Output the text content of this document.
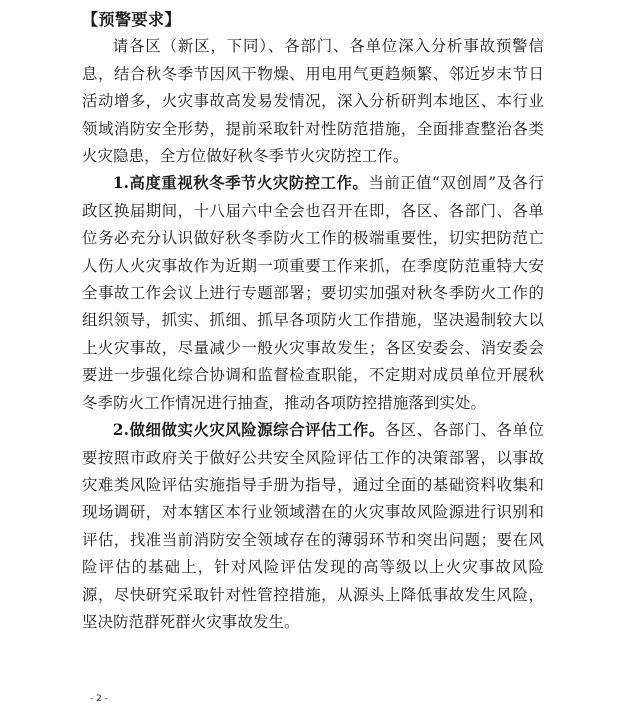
【预警要求】

请各区（新区，下同）、各部门、各单位深入分析事故预警信息，结合秋冬季节因风干物燥、用电用气更趋频繁、邻近岁末节日活动增多，火灾事故高发易发情况，深入分析研判本地区、本行业领域消防安全形势，提前采取针对性防范措施，全面排查整治各类火灾隐患，全方位做好秋冬季节火灾防控工作。

1.高度重视秋冬季节火灾防控工作。当前正值“双创周”及各行政区换届期间，十八届六中全会也召开在即，各区、各部门、各单位务必充分认识做好秋冬季防火工作的极端重要性，切实把防范亡人伤人火灾事故作为近期一项重要工作来抓，在季度防范重特大安全事故工作会议上进行专题部署；要切实加强对秋冬季防火工作的组织领导，抓实、抓细、抓早各项防火工作措施，坚决遏制较大以上火灾事故，尽量减少一般火灾事故发生；各区安委会、消安委会要进一步强化综合协调和监督检查职能，不定期对成员单位开展秋冬季防火工作情况进行抽查，推动各项防控措施落到实处。

2.做细做实火灾风险源综合评估工作。各区、各部门、各单位要按照市政府关于做好公共安全风险评估工作的决策部署，以事故灾难类风险评估实施指导手册为指导，通过全面的基础资料收集和现场调研，对本辖区本行业领域潜在的火灾事故风险源进行识别和评估，找准当前消防安全领域存在的薄弱环节和突出问题；要在风险评估的基础上，针对风险评估发现的高等级以上火灾事故风险源，尽快研究采取针对性管控措施，从源头上降低事故发生风险，坚决防范群死群火灾事故发生。

- 2 -
